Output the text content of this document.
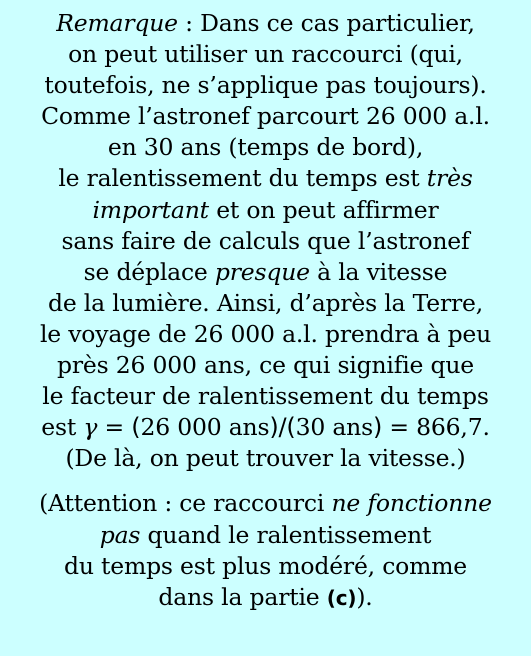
Remarque : Dans ce cas particulier,
on peut utiliser un raccourci (qui,
toutefois, ne s’applique pas toujours).
Comme l’astronef parcourt 26 000 a.l.
en 30 ans (temps de bord),
le ralentissement du temps est très
important et on peut affirmer
sans faire de calculs que l’astronef
se déplace presque à la vitesse
de la lumière. Ainsi, d’après la Terre,
le voyage de 26 000 a.l. prendra à peu
près 26 000 ans, ce qui signifie que
le facteur de ralentissement du temps
est γ = (26 000 ans)/(30 ans) = 866,7.
(De là, on peut trouver la vitesse.)
(Attention : ce raccourci ne fonctionne
pas quand le ralentissement
du temps est plus modéré, comme
dans la partie (c)).
